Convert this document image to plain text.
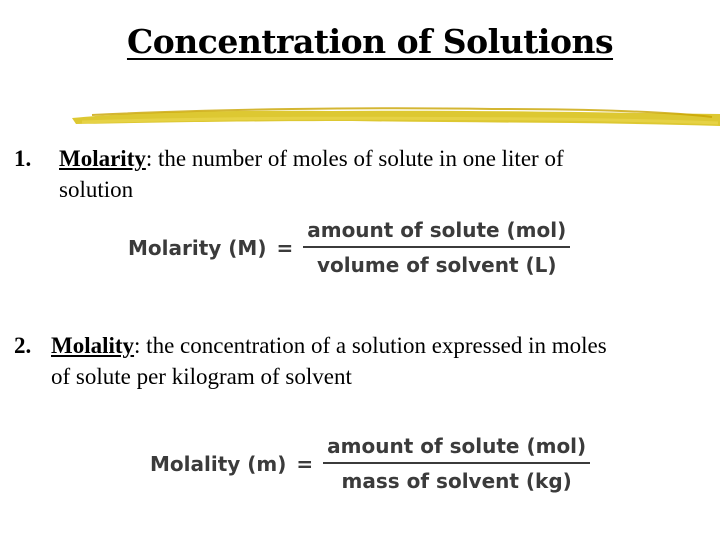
Concentration of Solutions
1. Molarity: the number of moles of solute in one liter of
solution
Molarity $(M) = \frac{\text{amount of solute (mol)}}{\text{volume of solvent (L)}}$
2. Molality: the concentration of a solution expressed in moles
of solute per kilogram of solvent
Molality $(m) = \frac{\text{amount of solute (mol)}}{\text{mass of solvent (kg)}}$
